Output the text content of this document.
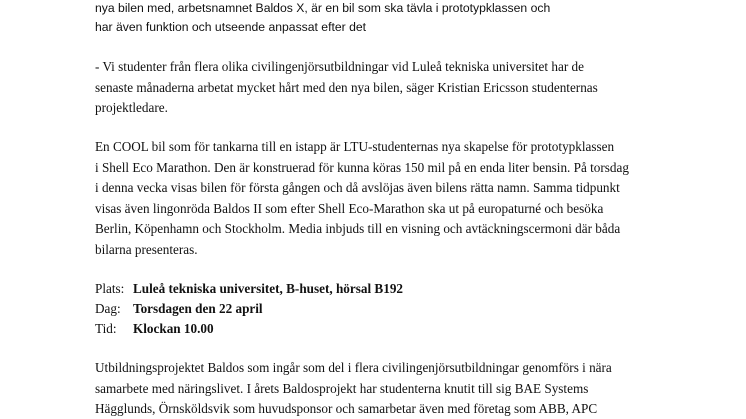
nya bilen med, arbetsnamnet Baldos X, är en bil som ska tävla i prototypklassen och
har även funktion och utseende anpassat efter det
- Vi studenter från flera olika civilingenjörsutbildningar vid Luleå tekniska universitet har de
senaste månaderna arbetat mycket hårt med den nya bilen, säger Kristian Ericsson studenternas
projektledare.
En COOL bil som för tankarna till en istapp är LTU-studenternas nya skapelse för prototypklassen
i Shell Eco Marathon. Den är konstruerad för kunna köras 150 mil på en enda liter bensin. På torsdag
i denna vecka visas bilen för första gången och då avslöjas även bilens rätta namn. Samma tidpunkt
visas även lingonröda Baldos II som efter Shell Eco-Marathon ska ut på europaturné och besöka
Berlin, Köpenhamn och Stockholm. Media inbjuds till en visning och avtäckningscermoni där båda
bilarna presenteras.
Plats: Luleå tekniska universitet, B-huset, hörsal B192
Dag: Torsdagen den 22 april
Tid: Klockan 10.00
Utbildningsprojektet Baldos som ingår som del i flera civilingenjörsutbildningar genomförs i nära
samarbete med näringslivet. I årets Baldosprojekt har studenterna knutit till sig BAE Systems
Hägglunds, Örnsköldsvik som huvudsponsor och samarbetar även med företag som ABB, APC
